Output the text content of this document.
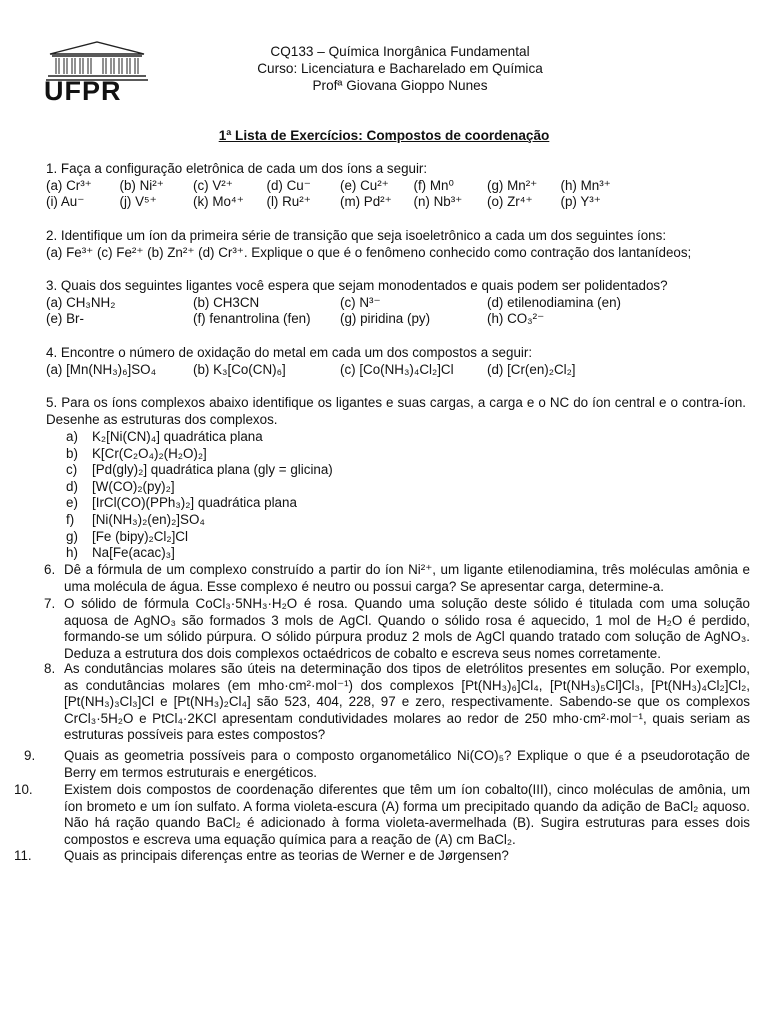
UFPR
CQ133 – Química Inorgânica Fundamental
Curso: Licenciatura e Bacharelado em Química
Profª Giovana Gioppo Nunes
1ª Lista de Exercícios: Compostos de coordenação
1. Faça a configuração eletrônica de cada um dos íons a seguir:
(a) Cr³⁺	(b) Ni²⁺	(c) V²⁺	(d) Cu⁻	(e) Cu²⁺	(f) Mn⁰	(g) Mn²⁺	(h) Mn³⁺
(i) Au⁻	(j) V⁵⁺	(k) Mo⁴⁺	(l) Ru²⁺	(m) Pd²⁺	(n) Nb³⁺	(o) Zr⁴⁺	(p) Y³⁺
2. Identifique um íon da primeira série de transição que seja isoeletrônico a cada um dos seguintes íons:
(a) Fe³⁺ (c) Fe²⁺ (b) Zn²⁺ (d) Cr³⁺. Explique o que é o fenômeno conhecido como contração dos lantanídeos;
3. Quais dos seguintes ligantes você espera que sejam monodentados e quais podem ser polidentados?
(a) CH₃NH₂	(b) CH3CN	(c) N³⁻	(d) etilenodiamina (en)
(e) Br-	(f) fenantrolina (fen)	(g) piridina (py)	(h) CO₃²⁻
4. Encontre o número de oxidação do metal em cada um dos compostos a seguir:
(a) [Mn(NH₃)₆]SO₄	(b) K₃[Co(CN)₆]	(c) [Co(NH₃)₄Cl₂]Cl	(d) [Cr(en)₂Cl₂]
5. Para os íons complexos abaixo identifique os ligantes e suas cargas, a carga e o NC do íon central e o contra-íon. Desenhe as estruturas dos complexos.
a)	K₂[Ni(CN)₄] quadrática plana
b)	K[Cr(C₂O₄)₂(H₂O)₂]
c)	[Pd(gly)₂] quadrática plana (gly = glicina)
d)	[W(CO)₂(py)₂]
e)	[IrCl(CO)(PPh₃)₂] quadrática plana
f)	[Ni(NH₃)₂(en)₂]SO₄
g)	[Fe (bipy)₂Cl₂]Cl
h)	Na[Fe(acac)₃]
6. Dê a fórmula de um complexo construído a partir do íon Ni²⁺, um ligante etilenodiamina, três moléculas amônia e uma molécula de água. Esse complexo é neutro ou possui carga? Se apresentar carga, determine-a.
7. O sólido de fórmula CoCl₃·5NH₃·H₂O é rosa. Quando uma solução deste sólido é titulada com uma solução aquosa de AgNO₃ são formados 3 mols de AgCl. Quando o sólido rosa é aquecido, 1 mol de H₂O é perdido, formando-se um sólido púrpura. O sólido púrpura produz 2 mols de AgCl quando tratado com solução de AgNO₃. Deduza a estrutura dos dois complexos octaédricos de cobalto e escreva seus nomes corretamente.
8. As condutâncias molares são úteis na determinação dos tipos de eletrólitos presentes em solução. Por exemplo, as condutâncias molares (em mho·cm²·mol⁻¹) dos complexos [Pt(NH₃)₆]Cl₄, [Pt(NH₃)₅Cl]Cl₃, [Pt(NH₃)₄Cl₂]Cl₂, [Pt(NH₃)₃Cl₃]Cl e [Pt(NH₃)₂Cl₄] são 523, 404, 228, 97 e zero, respectivamente. Sabendo-se que os complexos CrCl₃·5H₂O e PtCl₄·2KCl apresentam condutividades molares ao redor de 250 mho·cm²·mol⁻¹, quais seriam as estruturas possíveis para estes compostos?
9. Quais as geometria possíveis para o composto organometálico Ni(CO)₅? Explique o que é a pseudorotação de Berry em termos estruturais e energéticos.
10. Existem dois compostos de coordenação diferentes que têm um íon cobalto(III), cinco moléculas de amônia, um íon brometo e um íon sulfato. A forma violeta-escura (A) forma um precipitado quando da adição de BaCl₂ aquoso. Não há ração quando BaCl₂ é adicionado à forma violeta-avermelhada (B). Sugira estruturas para esses dois compostos e escreva uma equação química para a reação de (A) cm BaCl₂.
11. Quais as principais diferenças entre as teorias de Werner e de Jørgensen?
